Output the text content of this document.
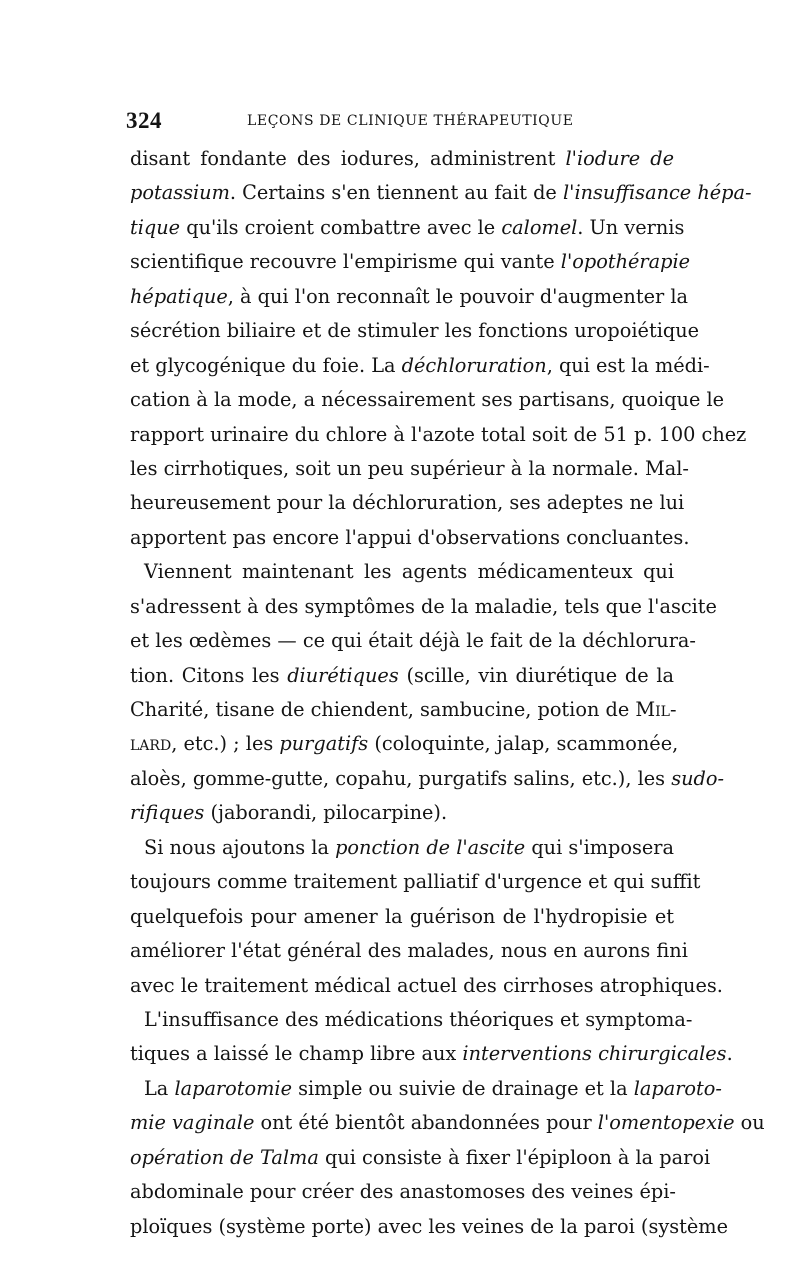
324	LEÇONS DE CLINIQUE THÉRAPEUTIQUE
disant fondante des iodures, administrent l'iodure de
potassium. Certains s'en tiennent au fait de l'insuffisance hépa-
tique qu'ils croient combattre avec le calomel. Un vernis
scientifique recouvre l'empirisme qui vante l'opothérapie
hépatique, à qui l'on reconnaît le pouvoir d'augmenter la
sécrétion biliaire et de stimuler les fonctions uropoiétique
et glycogénique du foie. La déchloruration, qui est la médi-
cation à la mode, a nécessairement ses partisans, quoique le
rapport urinaire du chlore à l'azote total soit de 51 p. 100 chez
les cirrhotiques, soit un peu supérieur à la normale. Mal-
heureusement pour la déchloruration, ses adeptes ne lui
apportent pas encore l'appui d'observations concluantes.
Viennent maintenant les agents médicamenteux qui
s'adressent à des symptômes de la maladie, tels que l'ascite
et les œdèmes — ce qui était déjà le fait de la déchlorura-
tion. Citons les diurétiques (scille, vin diurétique de la
Charité, tisane de chiendent, sambucine, potion de Mil-
lard, etc.) ; les purgatifs (coloquinte, jalap, scammonée,
aloès, gomme-gutte, copahu, purgatifs salins, etc.), les sudo-
rifiques (jaborandi, pilocarpine).
Si nous ajoutons la ponction de l'ascite qui s'imposera
toujours comme traitement palliatif d'urgence et qui suffit
quelquefois pour amener la guérison de l'hydropisie et
améliorer l'état général des malades, nous en aurons fini
avec le traitement médical actuel des cirrhoses atrophiques.
L'insuffisance des médications théoriques et symptoma-
tiques a laissé le champ libre aux interventions chirurgicales.
La laparotomie simple ou suivie de drainage et la laparoto-
mie vaginale ont été bientôt abandonnées pour l'omentopexie ou
opération de Talma qui consiste à fixer l'épiploon à la paroi
abdominale pour créer des anastomoses des veines épi-
ploïques (système porte) avec les veines de la paroi (système
